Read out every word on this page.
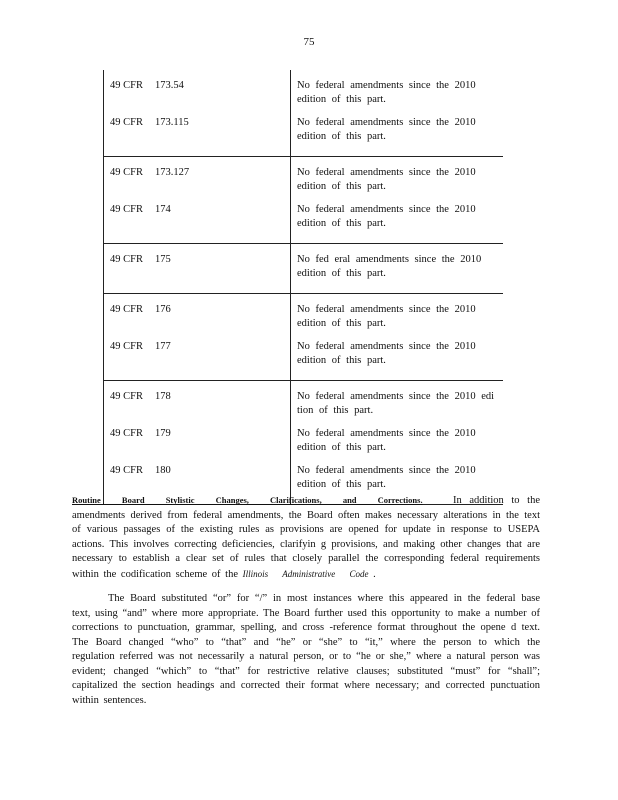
75
49 CFR 173.54	No federal amendments since the 2010 edition of this part.
49 CFR 173.115	No federal amendments since the 2010 edition of this part.
49 CFR 173.127	No federal amendments since the 2010 edition of this part.
49 CFR 174	No federal amendments since the 2010 edition of this part.
49 CFR 175	No fed eral amendments since the 2010 edition of this part.
49 CFR 176	No federal amendments since the 2010 edition of this part.
49 CFR 177	No federal amendments since the 2010 edition of this part.
49 CFR 178	No federal amendments since the 2010 edi tion of this part.
49 CFR 179	No federal amendments since the 2010 edition of this part.
49 CFR 180	No federal amendments since the 2010 edition of this part.
Routine Board Stylistic Changes, Clarifications, and Corrections.	In addition to the amendments derived from federal amendments, the Board often makes necessary alterations in the text of various passages of the existing rules as provisions are opened for update in response to USEPA actions. This involves correcting deficiencies, clarifyin g provisions, and making other changes that are necessary to establish a clear set of rules that closely parallel the corresponding federal requirements within the codification scheme of the Illinois Administrative Code .
The Board substituted “or” for “/” in most instances where this appeared in the federal base text, using “and” where more appropriate. The Board further used this opportunity to make a number of corrections to punctuation, grammar, spelling, and cross -reference format throughout the opene d text. The Board changed “who” to “that” and “he” or “she” to “it,” where the person to which the regulation referred was not necessarily a natural person, or to “he or she,” where a natural person was evident; changed “which” to “that” for restrictive relative clauses; substituted “must” for “shall”; capitalized the section headings and corrected their format where necessary; and corrected punctuation within sentences.
